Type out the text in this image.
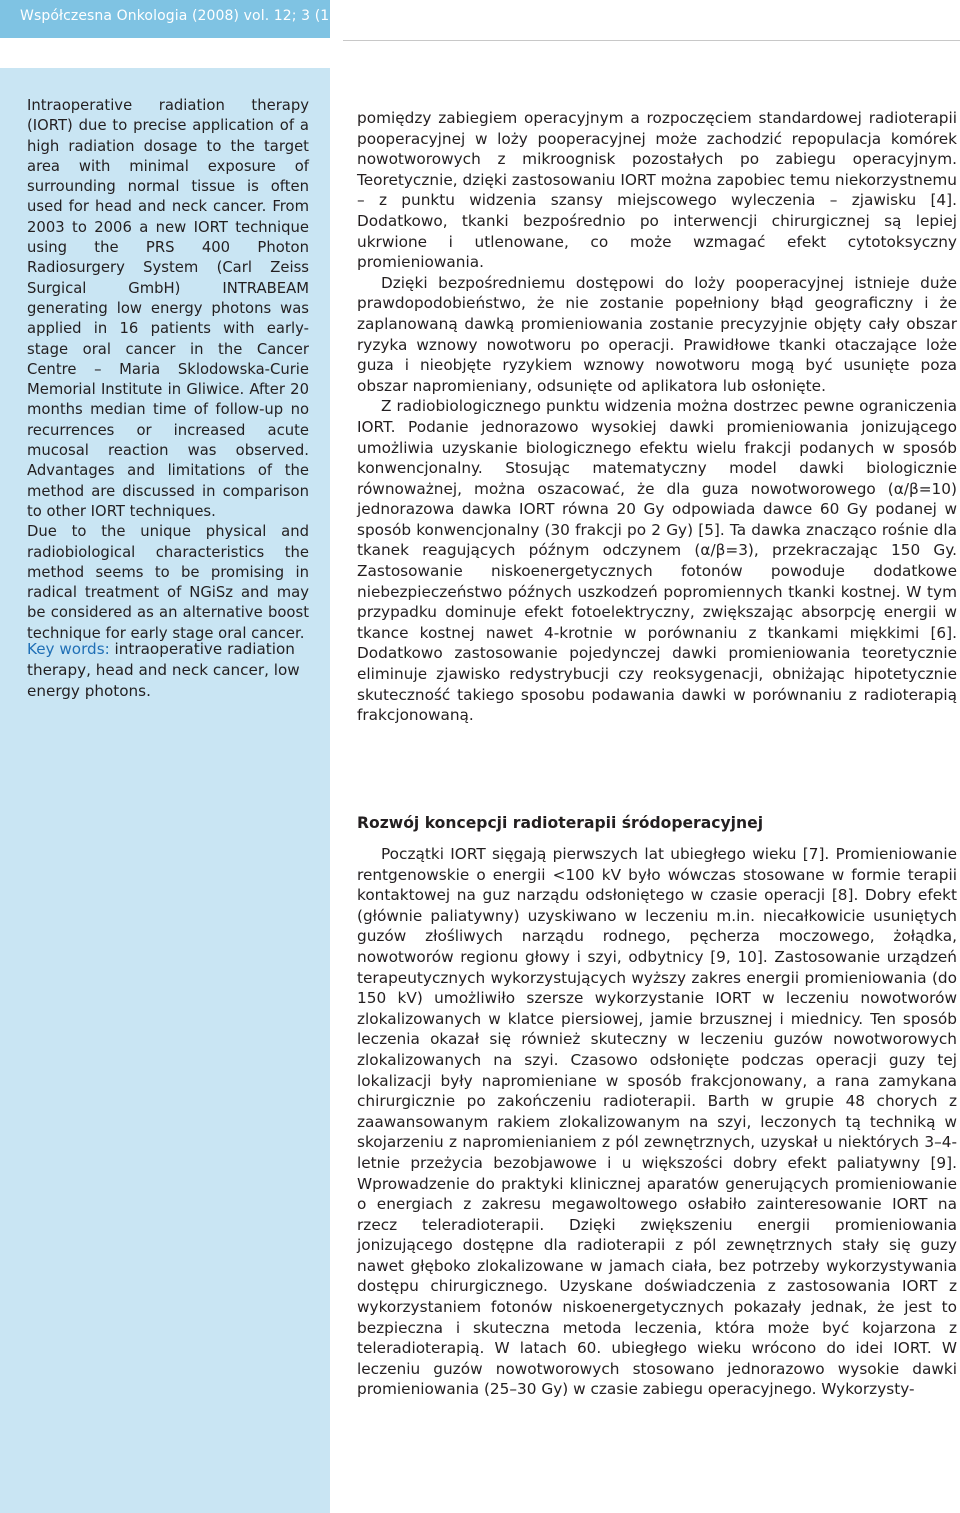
Współczesna Onkologia (2008) vol. 12; 3 (133–138)

Intraoperative radiation therapy (IORT) due to precise application of a high radiation dosage to the target area with minimal exposure of surrounding normal tissue is often used for head and neck cancer. From 2003 to 2006 a new IORT technique using the PRS 400 Photon Radiosurgery System (Carl Zeiss Surgical GmbH) INTRABEAM generating low energy photons was applied in 16 patients with early-stage oral cancer in the Cancer Centre – Maria Sklodowska-Curie Memorial Institute in Gliwice. After 20 months median time of follow-up no recurrences or increased acute mucosal reaction was observed. Advantages and limitations of the method are discussed in comparison to other IORT techniques.

Due to the unique physical and radiobiological characteristics the method seems to be promising in radical treatment of NGiSz and may be considered as an alternative boost technique for early stage oral cancer.

Key words: intraoperative radiation therapy, head and neck cancer, low energy photons.

pomiędzy zabiegiem operacyjnym a rozpoczęciem standardowej radioterapii pooperacyjnej w loży pooperacyjnej może zachodzić repopulacja komórek nowotworowych z mikroognisk pozostałych po zabiegu operacyjnym. Teoretycznie, dzięki zastosowaniu IORT można zapobiec temu niekorzystnemu – z punktu widzenia szansy miejscowego wyleczenia – zjawisku [4]. Dodatkowo, tkanki bezpośrednio po interwencji chirurgicznej są lepiej ukrwione i utlenowane, co może wzmagać efekt cytotoksyczny promieniowania.

Dzięki bezpośredniemu dostępowi do loży pooperacyjnej istnieje duże prawdopodobieństwo, że nie zostanie popełniony błąd geograficzny i że zaplanowaną dawką promieniowania zostanie precyzyjnie objęty cały obszar ryzyka wznowy nowotworu po operacji. Prawidłowe tkanki otaczające loże guza i nieobjęte ryzykiem wznowy nowotworu mogą być usunięte poza obszar napromieniany, odsunięte od aplikatora lub osłonięte.

Z radiobiologicznego punktu widzenia można dostrzec pewne ograniczenia IORT. Podanie jednorazowo wysokiej dawki promieniowania jonizującego umożliwia uzyskanie biologicznego efektu wielu frakcji podanych w sposób konwencjonalny. Stosując matematyczny model dawki biologicznie równoważnej, można oszacować, że dla guza nowotworowego (α/β=10) jednorazowa dawka IORT równa 20 Gy odpowiada dawce 60 Gy podanej w sposób konwencjonalny (30 frakcji po 2 Gy) [5]. Ta dawka znacząco rośnie dla tkanek reagujących późnym odczynem (α/β=3), przekraczając 150 Gy. Zastosowanie niskoenergetycznych fotonów powoduje dodatkowe niebezpieczeństwo późnych uszkodzeń popromiennych tkanki kostnej. W tym przypadku dominuje efekt fotoelektryczny, zwiększając absorpcję energii w tkance kostnej nawet 4-krotnie w porównaniu z tkankami miękkimi [6]. Dodatkowo zastosowanie pojedynczej dawki promieniowania teoretycznie eliminuje zjawisko redystrybucji czy reoksygenacji, obniżając hipotetycznie skuteczność takiego sposobu podawania dawki w porównaniu z radioterapią frakcjonowaną.

Rozwój koncepcji radioterapii śródoperacyjnej

Początki IORT sięgają pierwszych lat ubiegłego wieku [7]. Promieniowanie rentgenowskie o energii <100 kV było wówczas stosowane w formie terapii kontaktowej na guz narządu odsłoniętego w czasie operacji [8]. Dobry efekt (głównie paliatywny) uzyskiwano w leczeniu m.in. niecałkowicie usuniętych guzów złośliwych narządu rodnego, pęcherza moczowego, żołądka, nowotworów regionu głowy i szyi, odbytnicy [9, 10]. Zastosowanie urządzeń terapeutycznych wykorzystujących wyższy zakres energii promieniowania (do 150 kV) umożliwiło szersze wykorzystanie IORT w leczeniu nowotworów zlokalizowanych w klatce piersiowej, jamie brzusznej i miednicy. Ten sposób leczenia okazał się również skuteczny w leczeniu guzów nowotworowych zlokalizowanych na szyi. Czasowo odsłonięte podczas operacji guzy tej lokalizacji były napromieniane w sposób frakcjonowany, a rana zamykana chirurgicznie po zakończeniu radioterapii. Barth w grupie 48 chorych z zaawansowanym rakiem zlokalizowanym na szyi, leczonych tą techniką w skojarzeniu z napromienianiem z pól zewnętrznych, uzyskał u niektórych 3–4-letnie przeżycia bezobjawowe i u większości dobry efekt paliatywny [9]. Wprowadzenie do praktyki klinicznej aparatów generujących promieniowanie o energiach z zakresu megawoltowego osłabiło zainteresowanie IORT na rzecz teleradioterapii. Dzięki zwiększeniu energii promieniowania jonizującego dostępne dla radioterapii z pól zewnętrznych stały się guzy nawet głęboko zlokalizowane w jamach ciała, bez potrzeby wykorzystywania dostępu chirurgicznego. Uzyskane doświadczenia z zastosowania IORT z wykorzystaniem fotonów niskoenergetycznych pokazały jednak, że jest to bezpieczna i skuteczna metoda leczenia, która może być kojarzona z teleradioterapią. W latach 60. ubiegłego wieku wrócono do idei IORT. W leczeniu guzów nowotworowych stosowano jednorazowo wysokie dawki promieniowania (25–30 Gy) w czasie zabiegu operacyjnego. Wykorzysty-
